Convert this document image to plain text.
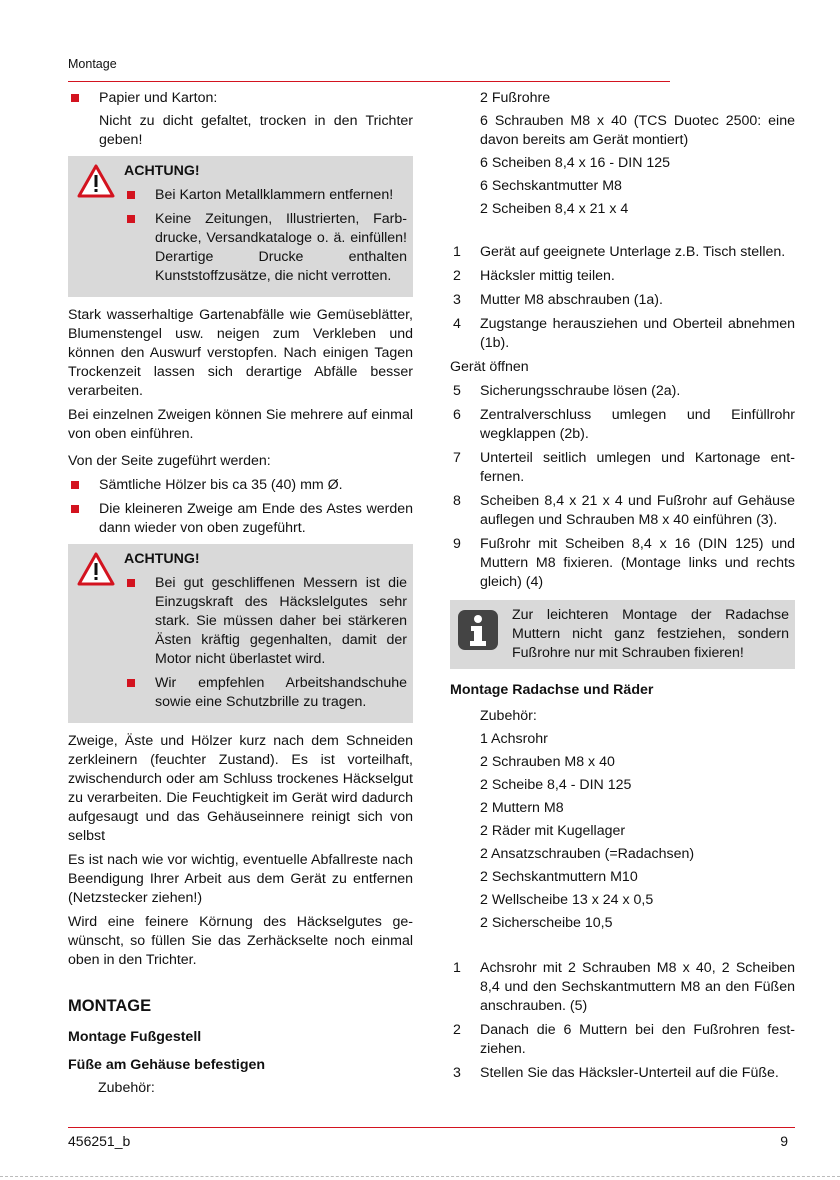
Montage
Papier und Karton:
Nicht zu dicht gefaltet, trocken in den Trichter geben!
ACHTUNG!
Bei Karton Metallklammern entfernen!
Keine Zeitungen, Illustrierten, Farbdrucke, Versandkataloge o. ä. einfüllen! Derartige Drucke enthalten Kunststoffzusätze, die nicht verrotten.

Stark wasserhaltige Gartenabfälle wie Gemüseblätter, Blumenstengel usw. neigen zum Verkleben und können den Auswurf verstopfen. Nach einigen Tagen Trockenzeit lassen sich derartige Abfälle besser verarbeiten.

Bei einzelnen Zweigen können Sie mehrere auf einmal von oben einführen.

Von der Seite zugeführt werden:

Sämtliche Hölzer bis ca 35 (40) mm Ø.
Die kleineren Zweige am Ende des Astes werden dann wieder von oben zugeführt.
ACHTUNG!
Bei gut geschliffenen Messern ist die Einzugskraft des Häckslelgutes sehr stark. Sie müssen daher bei stärkeren Ästen kräftig gegenhalten, damit der Motor nicht überlastet wird.
Wir empfehlen Arbeitshandschuhe sowie eine Schutzbrille zu tragen.

Zweige, Äste und Hölzer kurz nach dem Schneiden zerkleinern (feuchter Zustand). Es ist vorteilhaft, zwischendurch oder am Schluss trockenes Häckselgut zu verarbeiten. Die Feuchtigkeit im Gerät wird dadurch aufgesaugt und das Gehäuseinnere reinigt sich von selbst

Es ist nach wie vor wichtig, eventuelle Abfallreste nach Beendigung Ihrer Arbeit aus dem Gerät zu entfernen (Netzstecker ziehen!)

Wird eine feinere Körnung des Häckselgutes gewünscht, so füllen Sie das Zerhäckselte noch einmal oben in den Trichter.

MONTAGE
Montage Fußgestell
Füße am Gehäuse befestigen
Zubehör:
2 Fußrohre
6 Schrauben M8 x 40 (TCS Duotec 2500: eine davon bereits am Gerät montiert)
6 Scheiben 8,4 x 16 - DIN 125
6 Sechskantmutter M8
2 Scheiben 8,4 x 21 x 4
1 Gerät auf geeignete Unterlage z.B. Tisch stellen.
2 Häcksler mittig teilen.
3 Mutter M8 abschrauben (1a).
4 Zugstange herausziehen und Oberteil abnehmen (1b).
Gerät öffnen
5 Sicherungsschraube lösen (2a).
6 Zentralverschluss umlegen und Einfüllrohr wegklappen (2b).
7 Unterteil seitlich umlegen und Kartonage entfernen.
8 Scheiben 8,4 x 21 x 4 und Fußrohr auf Gehäuse auflegen und Schrauben M8 x 40 einführen (3).
9 Fußrohr mit Scheiben 8,4 x 16 (DIN 125) und Muttern M8 fixieren. (Montage links und rechts gleich) (4)
Zur leichteren Montage der Radachse Muttern nicht ganz festziehen, sondern Fußrohre nur mit Schrauben fixieren!
Montage Radachse und Räder
Zubehör:
1 Achsrohr
2 Schrauben M8 x 40
2 Scheibe 8,4 - DIN 125
2 Muttern M8
2 Räder mit Kugellager
2 Ansatzschrauben (=Radachsen)
2 Sechskantmuttern M10
2 Wellscheibe 13 x 24 x 0,5
2 Sicherscheibe 10,5
1 Achsrohr mit 2 Schrauben M8 x 40, 2 Scheiben 8,4 und den Sechskantmuttern M8 an den Füßen anschrauben. (5)
2 Danach die 6 Muttern bei den Fußrohren festziehen.
3 Stellen Sie das Häcksler-Unterteil auf die Füße.
456251_b	9
